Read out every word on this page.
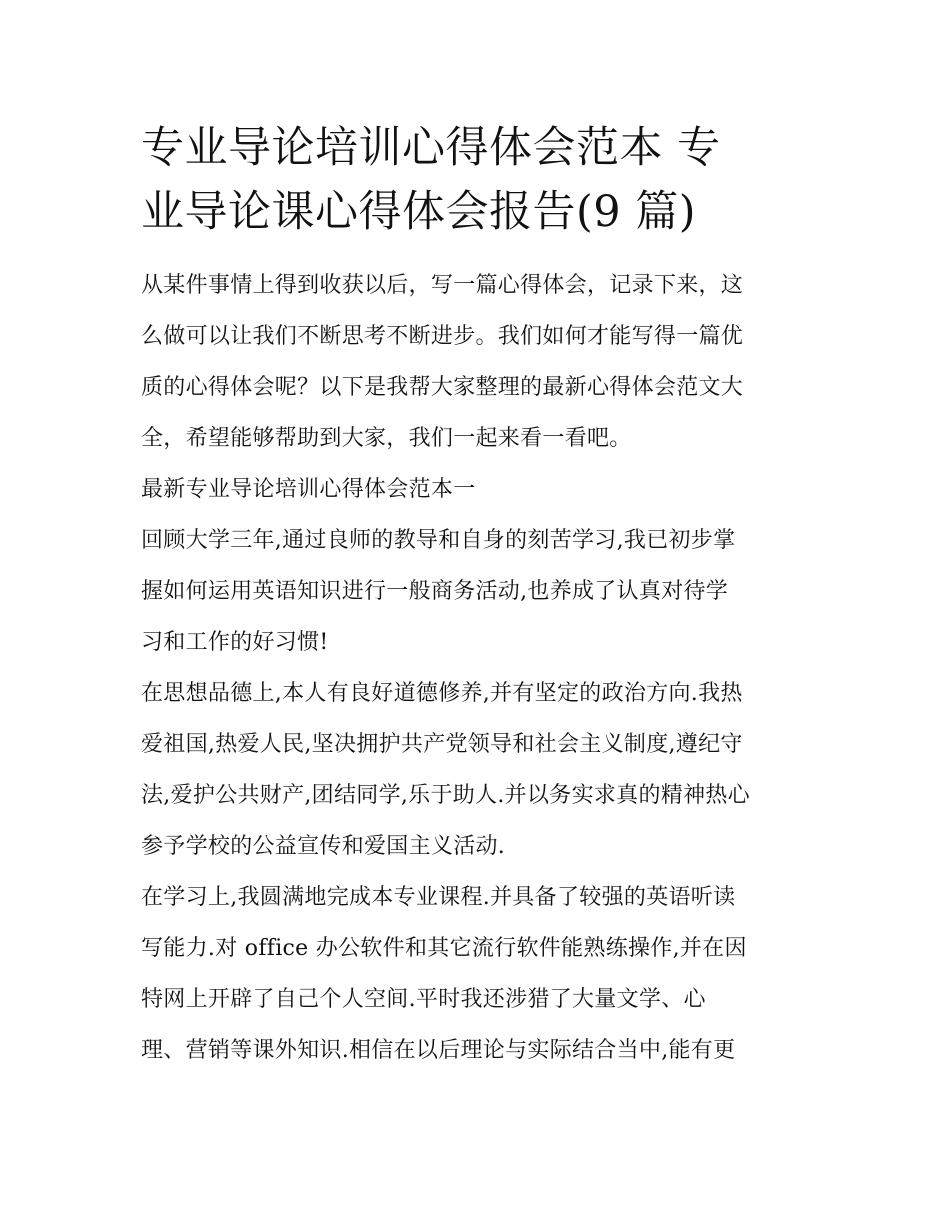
专业导论培训心得体会范本 专
业导论课心得体会报告(9 篇)

从某件事情上得到收获以后，写一篇心得体会，记录下来，这
么做可以让我们不断思考不断进步。我们如何才能写得一篇优
质的心得体会呢？以下是我帮大家整理的最新心得体会范文大
全，希望能够帮助到大家，我们一起来看一看吧。

最新专业导论培训心得体会范本一

回顾大学三年,通过良师的教导和自身的刻苦学习,我已初步掌
握如何运用英语知识进行一般商务活动,也养成了认真对待学
习和工作的好习惯!

在思想品德上,本人有良好道德修养,并有坚定的政治方向.我热
爱祖国,热爱人民,坚决拥护共产党领导和社会主义制度,遵纪守
法,爱护公共财产,团结同学,乐于助人.并以务实求真的精神热心
参予学校的公益宣传和爱国主义活动.

在学习上,我圆满地完成本专业课程.并具备了较强的英语听读
写能力.对 office 办公软件和其它流行软件能熟练操作,并在因
特网上开辟了自己个人空间.平时我还涉猎了大量文学、心
理、营销等课外知识.相信在以后理论与实际结合当中,能有更
